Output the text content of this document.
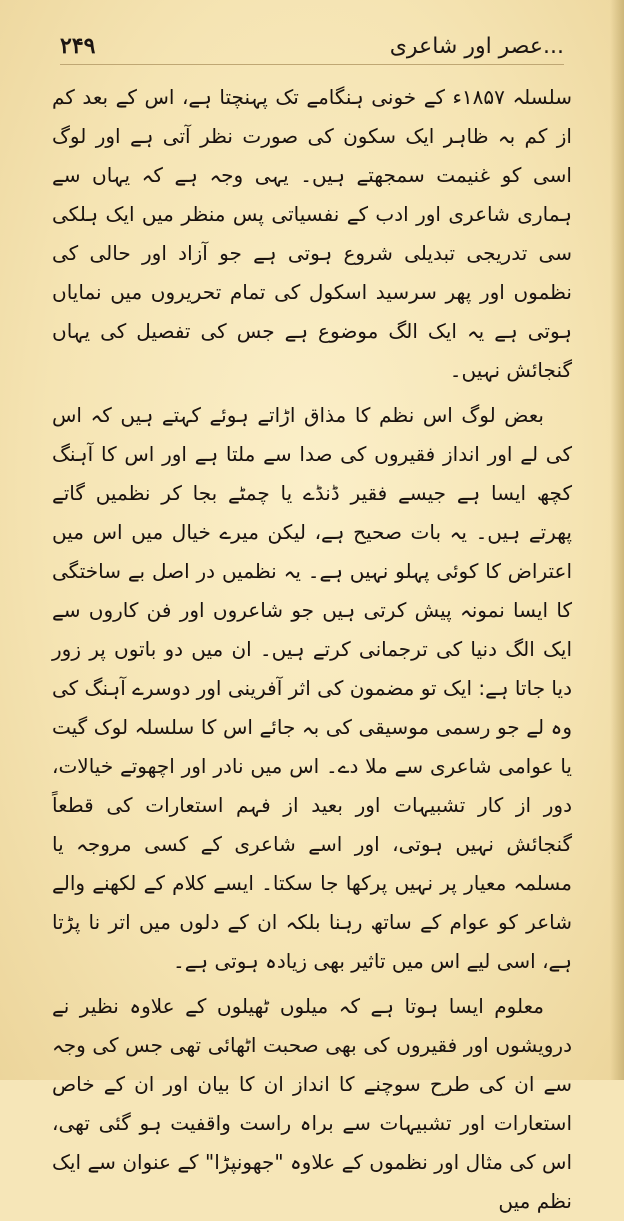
۲۴۹	...عصر اور شاعری

سلسلہ ۱۸۵۷ء کے خونی ہنگامے تک پہنچتا ہے، اس کے بعد کم از کم بہ ظاہر ایک سکون کی صورت نظر آتی ہے اور لوگ اسی کو غنیمت سمجھتے ہیں۔ یہی وجہ ہے کہ یہاں سے ہماری شاعری اور ادب کے نفسیاتی پس منظر میں ایک ہلکی سی تدریجی تبدیلی شروع ہوتی ہے جو آزاد اور حالی کی نظموں اور پھر سرسید اسکول کی تمام تحریروں میں نمایاں ہوتی ہے یہ ایک الگ موضوع ہے جس کی تفصیل کی یہاں گنجائش نہیں۔

بعض لوگ اس نظم کا مذاق اڑاتے ہوئے کہتے ہیں کہ اس کی لے اور انداز فقیروں کی صدا سے ملتا ہے اور اس کا آہنگ کچھ ایسا ہے جیسے فقیر ڈنڈے یا چمٹے بجا کر نظمیں گاتے پھرتے ہیں۔ یہ بات صحیح ہے، لیکن میرے خیال میں اس میں اعتراض کا کوئی پہلو نہیں ہے۔ یہ نظمیں در اصل بے ساختگی کا ایسا نمونہ پیش کرتی ہیں جو شاعروں اور فن کاروں سے ایک الگ دنیا کی ترجمانی کرتے ہیں۔ ان میں دو باتوں پر زور دیا جاتا ہے: ایک تو مضمون کی اثر آفرینی اور دوسرے آہنگ کی وہ لے جو رسمی موسیقی کی بہ جائے اس کا سلسلہ لوک گیت یا عوامی شاعری سے ملا دے۔ اس میں نادر اور اچھوتے خیالات، دور از کار تشبیہات اور بعید از فہم استعارات کی قطعاً گنجائش نہیں ہوتی، اور اسے شاعری کے کسی مروجہ یا مسلمہ معیار پر نہیں پرکھا جا سکتا۔ ایسے کلام کے لکھنے والے شاعر کو عوام کے ساتھ رہنا بلکہ ان کے دلوں میں اتر نا پڑتا ہے، اسی لیے اس میں تاثیر بھی زیادہ ہوتی ہے۔

معلوم ایسا ہوتا ہے کہ میلوں ٹھیلوں کے علاوہ نظیر نے درویشوں اور فقیروں کی بھی صحبت اٹھائی تھی جس کی وجہ سے ان کی طرح سوچنے کا انداز ان کا بیان اور ان کے خاص استعارات اور تشبیہات سے براہ راست واقفیت ہو گئی تھی، اس کی مثال اور نظموں کے علاوہ "جھونپڑا" کے عنوان سے ایک نظم میں
